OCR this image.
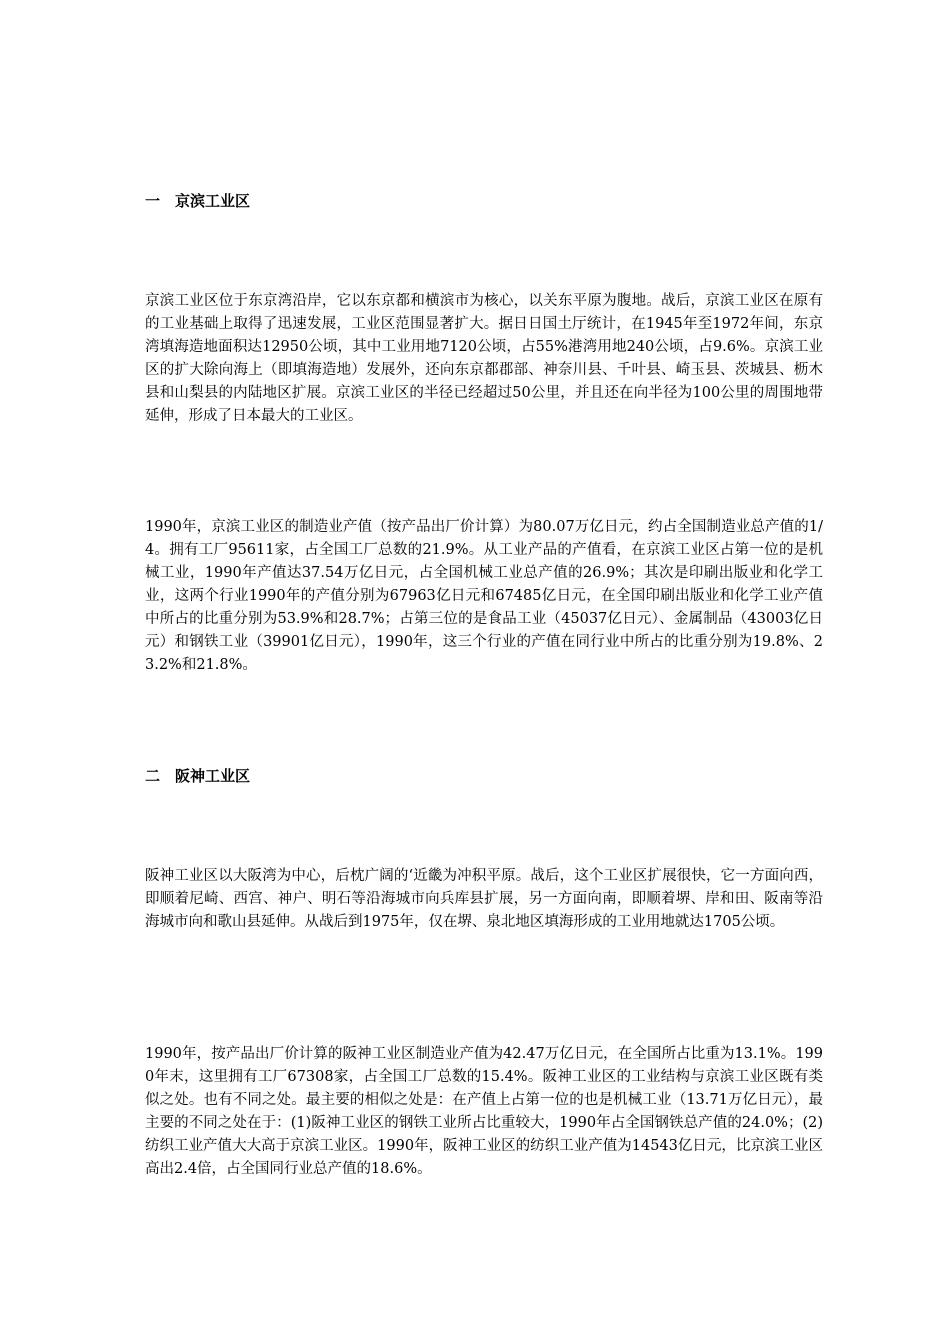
一　京滨工业区

京滨工业区位于东京湾沿岸，它以东京都和横滨市为核心，以关东平原为腹地。战后，京滨工业区在原有的工业基础上取得了迅速发展，工业区范围显著扩大。据日日国土厅统计，在1945年至1972年间，东京湾填海造地面积达12950公顷，其中工业用地7120公顷，占55%港湾用地240公顷，占9.6%。京滨工业区的扩大除向海上（即填海造地）发展外，还向东京都郡部、神奈川县、千叶县、崎玉县、茨城县、枥木县和山梨县的内陆地区扩展。京滨工业区的半径已经超过50公里，并且还在向半径为100公里的周围地带延伸，形成了日本最大的工业区。

1990年，京滨工业区的制造业产值（按产品出厂价计算）为80.07万亿日元，约占全国制造业总产值的1/4。拥有工厂95611家，占全国工厂总数的21.9%。从工业产品的产值看，在京滨工业区占第一位的是机械工业，1990年产值达37.54万亿日元，占全国机械工业总产值的26.9%；其次是印刷出版业和化学工业，这两个行业1990年的产值分别为67963亿日元和67485亿日元，在全国印刷出版业和化学工业产值中所占的比重分别为53.9%和28.7%；占第三位的是食品工业（45037亿日元）、金属制品（43003亿日元）和钢铁工业（39901亿日元），1990年，这三个行业的产值在同行业中所占的比重分别为19.8%、23.2%和21.8%。

二　阪神工业区

阪神工业区以大阪湾为中心，后枕广阔的‘近畿为冲积平原。战后，这个工业区扩展很快，它一方面向西，即顺着尼崎、西宫、神户、明石等沿海城市向兵库县扩展，另一方面向南，即顺着堺、岸和田、阪南等沿海城市向和歌山县延伸。从战后到1975年，仅在堺、泉北地区填海形成的工业用地就达1705公顷。

1990年，按产品出厂价计算的阪神工业区制造业产值为42.47万亿日元，在全国所占比重为13.1%。1990年末，这里拥有工厂67308家，占全国工厂总数的15.4%。阪神工业区的工业结构与京滨工业区既有类似之处。也有不同之处。最主要的相似之处是：在产值上占第一位的也是机械工业（13.71万亿日元），最主要的不同之处在于：(1)阪神工业区的钢铁工业所占比重较大，1990年占全国钢铁总产值的24.0%；(2)纺织工业产值大大高于京滨工业区。1990年，阪神工业区的纺织工业产值为14543亿日元，比京滨工业区高出2.4倍，占全国同行业总产值的18.6%。
